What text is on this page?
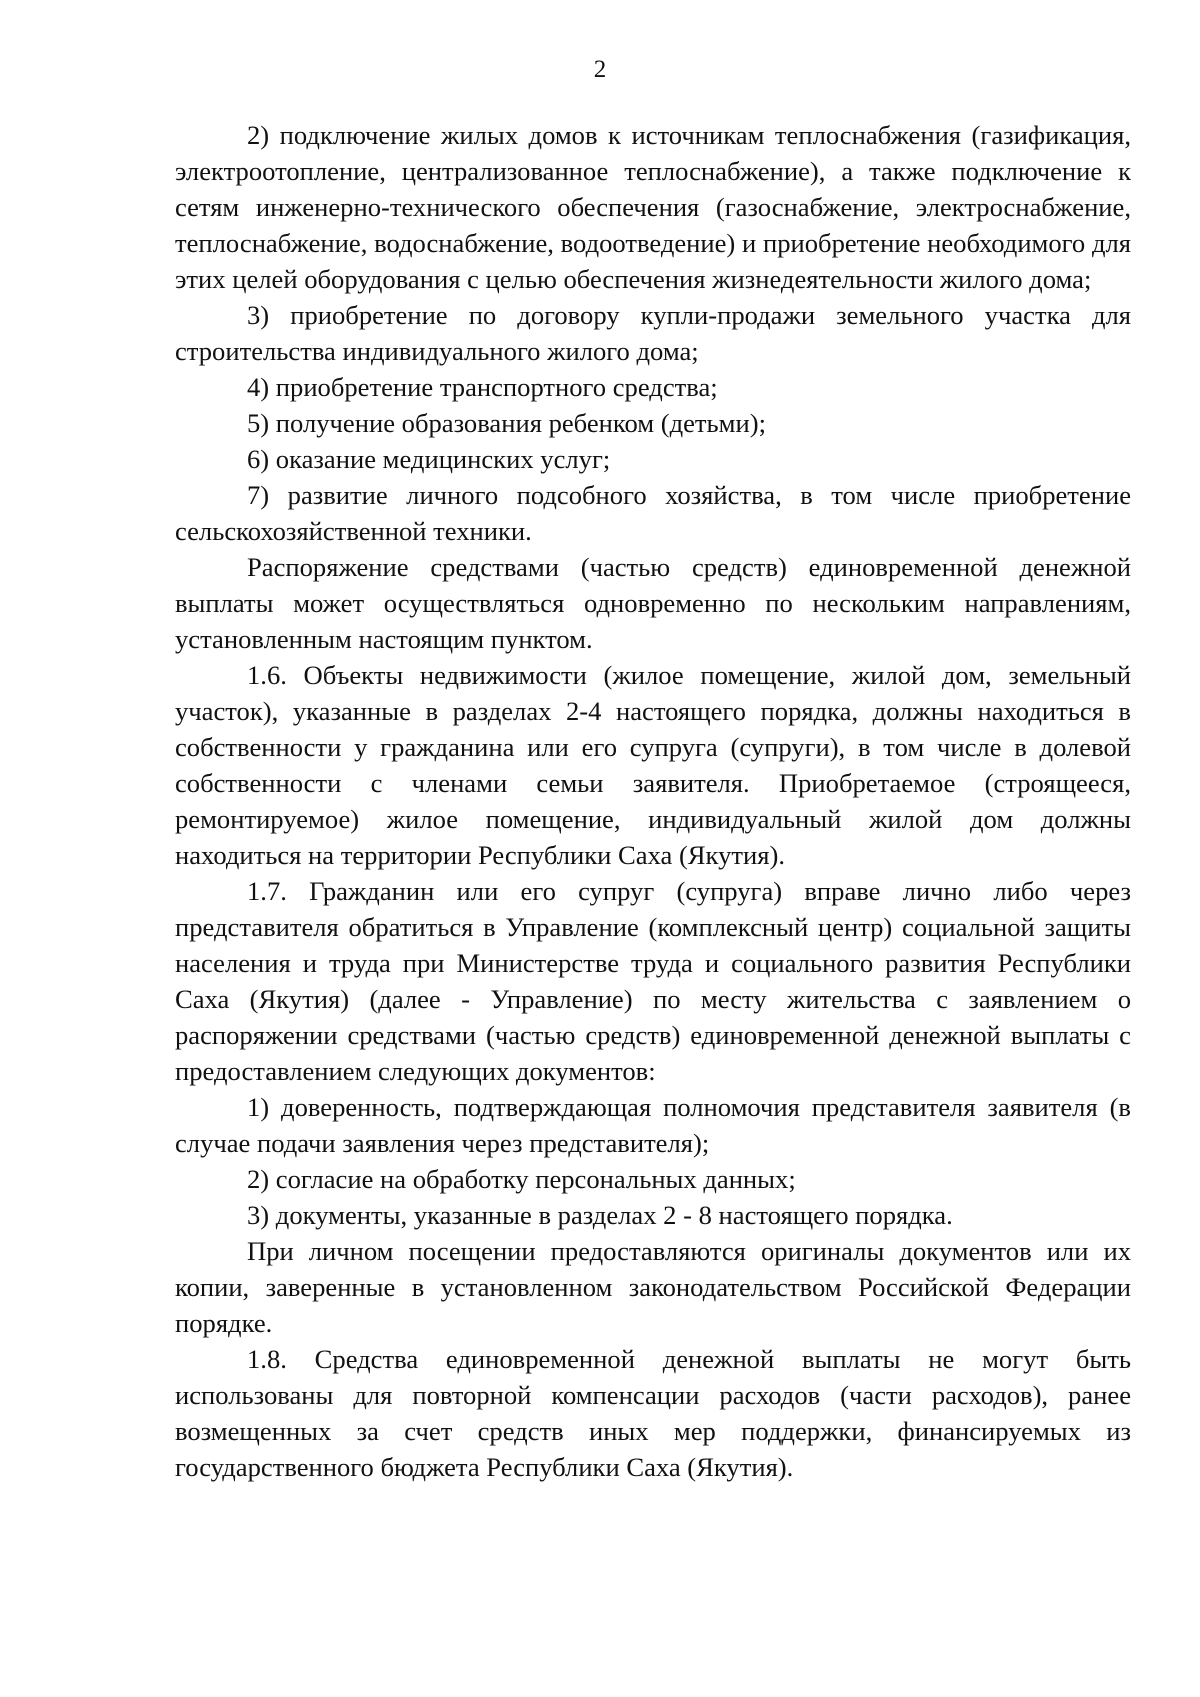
2

2) подключение жилых домов к источникам теплоснабжения (газификация, электроотопление, централизованное теплоснабжение), а также подключение к сетям инженерно-технического обеспечения (газоснабжение, электроснабжение, теплоснабжение, водоснабжение, водоотведение) и приобретение необходимого для этих целей оборудования с целью обеспечения жизнедеятельности жилого дома;

3) приобретение по договору купли-продажи земельного участка для строительства индивидуального жилого дома;

4) приобретение транспортного средства;

5) получение образования ребенком (детьми);

6) оказание медицинских услуг;

7) развитие личного подсобного хозяйства, в том числе приобретение сельскохозяйственной техники.

Распоряжение средствами (частью средств) единовременной денежной выплаты может осуществляться одновременно по нескольким направлениям, установленным настоящим пунктом.

1.6. Объекты недвижимости (жилое помещение, жилой дом, земельный участок), указанные в разделах 2-4 настоящего порядка, должны находиться в собственности у гражданина или его супруга (супруги), в том числе в долевой собственности с членами семьи заявителя. Приобретаемое (строящееся, ремонтируемое) жилое помещение, индивидуальный жилой дом должны находиться на территории Республики Саха (Якутия).

1.7. Гражданин или его супруг (супруга) вправе лично либо через представителя обратиться в Управление (комплексный центр) социальной защиты населения и труда при Министерстве труда и социального развития Республики Саха (Якутия) (далее - Управление) по месту жительства с заявлением о распоряжении средствами (частью средств) единовременной денежной выплаты с предоставлением следующих документов:

1) доверенность, подтверждающая полномочия представителя заявителя (в случае подачи заявления через представителя);

2) согласие на обработку персональных данных;

3) документы, указанные в разделах 2 - 8 настоящего порядка.

При личном посещении предоставляются оригиналы документов или их копии, заверенные в установленном законодательством Российской Федерации порядке.

1.8. Средства единовременной денежной выплаты не могут быть использованы для повторной компенсации расходов (части расходов), ранее возмещенных за счет средств иных мер поддержки, финансируемых из государственного бюджета Республики Саха (Якутия).
